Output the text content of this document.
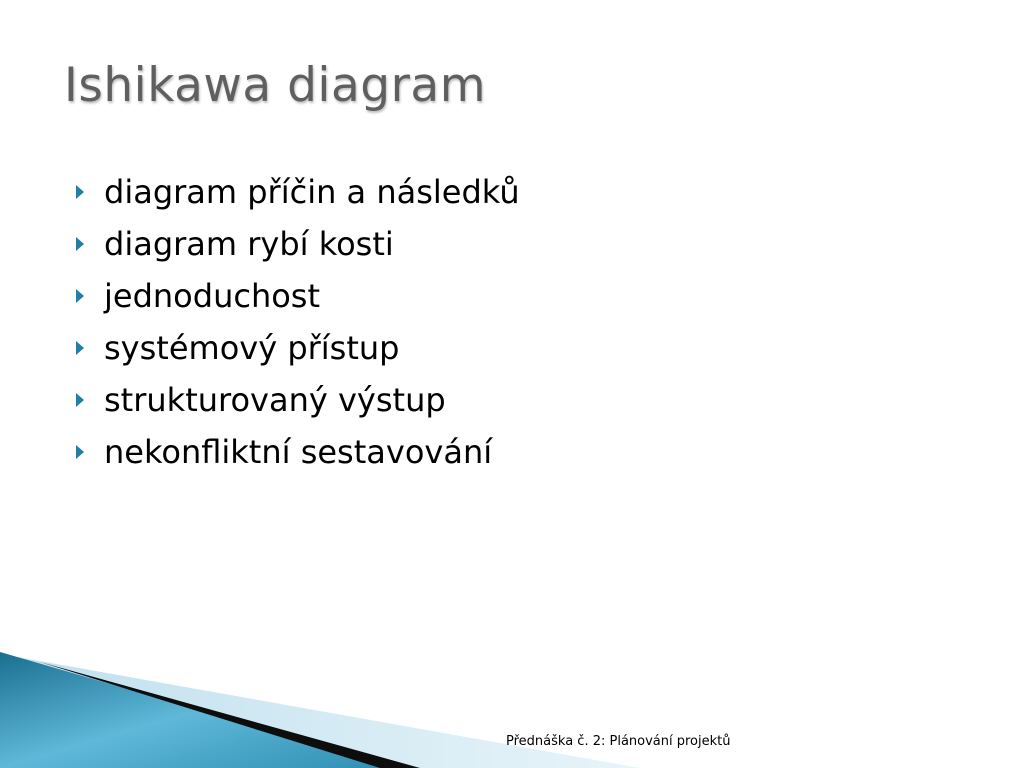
Ishikawa diagram
diagram příčin a následků
diagram rybí kosti
jednoduchost
systémový přístup
strukturovaný výstup
nekonfliktní sestavování
Přednáška č. 2: Plánování projektů
